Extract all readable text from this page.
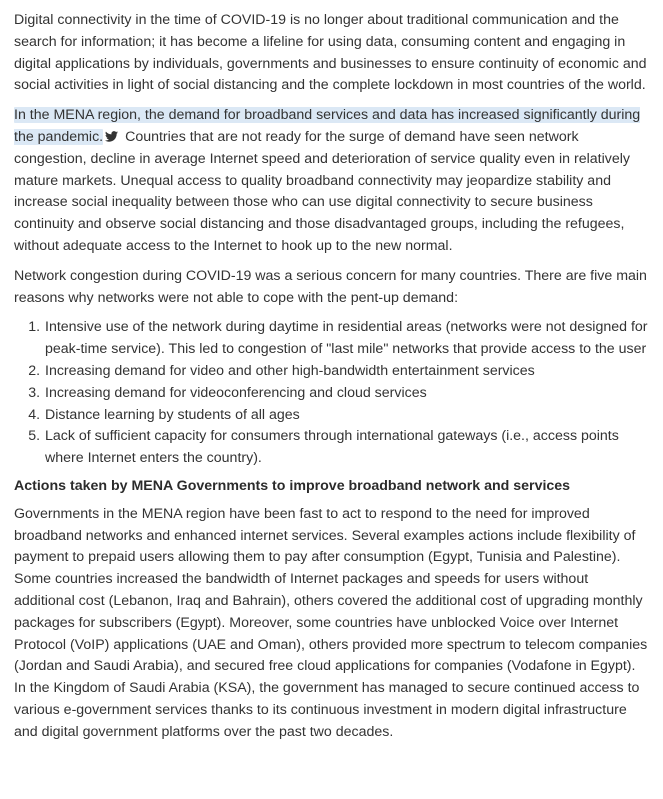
Digital connectivity in the time of COVID-19 is no longer about traditional communication and the search for information; it has become a lifeline for using data, consuming content and engaging in digital applications by individuals, governments and businesses to ensure continuity of economic and social activities in light of social distancing and the complete lockdown in most countries of the world.

In the MENA region, the demand for broadband services and data has increased significantly during the pandemic.
Countries that are not ready for the surge of demand have seen network congestion, decline in average Internet speed and deterioration of service quality even in relatively mature markets. Unequal access to quality broadband connectivity may jeopardize stability and increase social inequality between those who can use digital connectivity to secure business continuity and observe social distancing and those disadvantaged groups, including the refugees, without adequate access to the Internet to hook up to the new normal.

Network congestion during COVID-19 was a serious concern for many countries. There are five main reasons why networks were not able to cope with the pent-up demand:

1. Intensive use of the network during daytime in residential areas (networks were not designed for peak-time service). This led to congestion of "last mile" networks that provide access to the user
2. Increasing demand for video and other high-bandwidth entertainment services
3. Increasing demand for videoconferencing and cloud services
4. Distance learning by students of all ages
5. Lack of sufficient capacity for consumers through international gateways (i.e., access points where Internet enters the country).
Actions taken by MENA Governments to improve broadband network and services

Governments in the MENA region have been fast to act to respond to the need for improved broadband networks and enhanced internet services. Several examples actions include flexibility of payment to prepaid users allowing them to pay after consumption (Egypt, Tunisia and Palestine). Some countries increased the bandwidth of Internet packages and speeds for users without additional cost (Lebanon, Iraq and Bahrain), others covered the additional cost of upgrading monthly packages for subscribers (Egypt). Moreover, some countries have unblocked Voice over Internet Protocol (VoIP) applications (UAE and Oman), others provided more spectrum to telecom companies (Jordan and Saudi Arabia), and secured free cloud applications for companies (Vodafone in Egypt). In the Kingdom of Saudi Arabia (KSA), the government has managed to secure continued access to various e-government services thanks to its continuous investment in modern digital infrastructure and digital government platforms over the past two decades.
